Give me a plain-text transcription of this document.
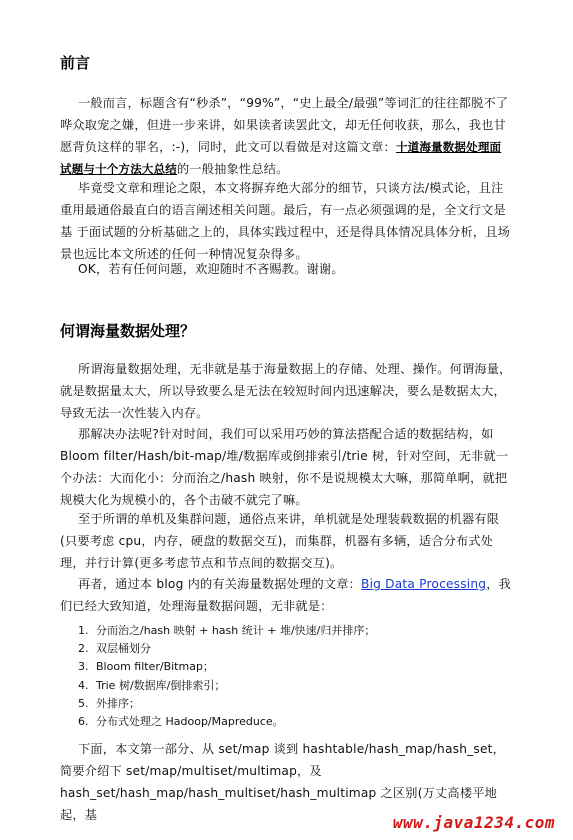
前言

一般而言，标题含有“秒杀”，“99%”，“史上最全/最强”等词汇的往往都脱不了哗众取宠之嫌，但进一步来讲，如果读者读罢此文，却无任何收获，那么，我也甘愿背负这样的罪名，:-)，同时，此文可以看做是对这篇文章：十道海量数据处理面试题与十个方法大总结的一般抽象性总结。

毕竟受文章和理论之限，本文将摒弃绝大部分的细节，只谈方法/模式论，且注重用最通俗最直白的语言阐述相关问题。最后，有一点必须强调的是，全文行文是基 于面试题的分析基础之上的，具体实践过程中，还是得具体情况具体分析，且场景也远比本文所述的任何一种情况复杂得多。

OK，若有任何问题，欢迎随时不吝赐教。谢谢。

何谓海量数据处理？

所谓海量数据处理，无非就是基于海量数据上的存储、处理、操作。何谓海量，就是数据量太大，所以导致要么是无法在较短时间内迅速解决，要么是数据太大，导致无法一次性装入内存。

那解决办法呢?针对时间，我们可以采用巧妙的算法搭配合适的数据结构，如Bloom filter/Hash/bit-map/堆/数据库或倒排索引/trie 树，针对空间，无非就一个办法：大而化小：分而治之/hash 映射，你不是说规模太大嘛，那简单啊，就把规模大化为规模小的，各个击破不就完了嘛。

至于所谓的单机及集群问题，通俗点来讲，单机就是处理装载数据的机器有限(只要考虑 cpu，内存，硬盘的数据交互)，而集群，机器有多辆，适合分布式处理，并行计算(更多考虑节点和节点间的数据交互)。

再者，通过本 blog 内的有关海量数据处理的文章：Big Data Processing，我们已经大致知道，处理海量数据问题，无非就是：

1. 分而治之/hash 映射 + hash 统计 + 堆/快速/归并排序；
2. 双层桶划分
3. Bloom filter/Bitmap；
4. Trie 树/数据库/倒排索引；
5. 外排序；
6. 分布式处理之 Hadoop/Mapreduce。

下面，本文第一部分、从 set/map 谈到 hashtable/hash_map/hash_set，简要介绍下 set/map/multiset/multimap，及 hash_set/hash_map/hash_multiset/hash_multimap 之区别(万丈高楼平地起，基	www.java1234.com
